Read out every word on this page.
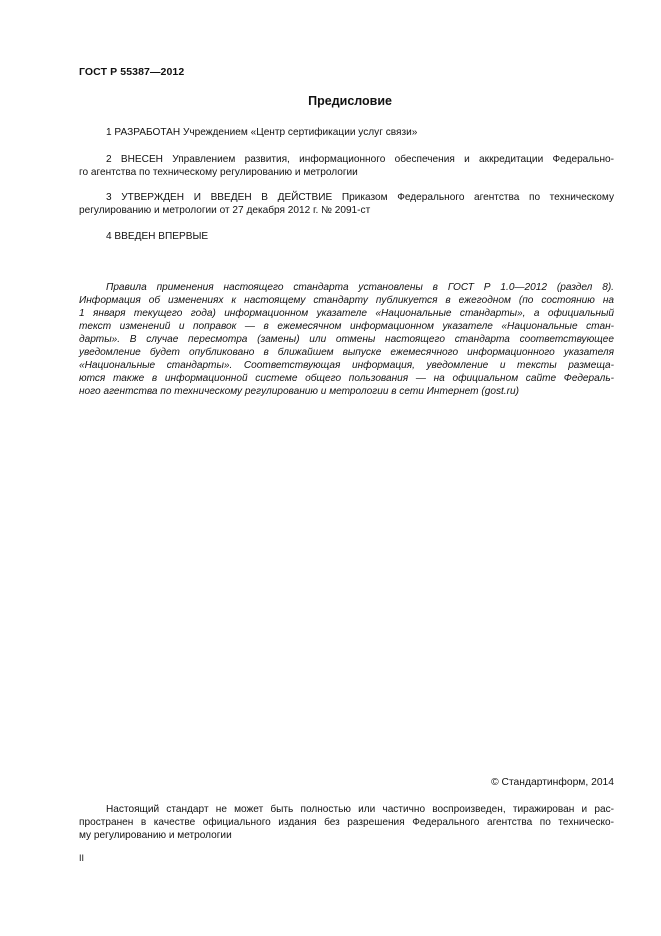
ГОСТ Р 55387—2012
Предисловие

1 РАЗРАБОТАН Учреждением «Центр сертификации услуг связи»

2 ВНЕСЕН Управлением развития, информационного обеспечения и аккредитации Федерально-
го агентства по техническому регулированию и метрологии

3 УТВЕРЖДЕН И ВВЕДЕН В ДЕЙСТВИЕ Приказом Федерального агентства по техническому
регулированию и метрологии от 27 декабря 2012 г. № 2091-ст

4 ВВЕДЕН ВПЕРВЫЕ

Правила применения настоящего стандарта установлены в ГОСТ Р 1.0—2012 (раздел 8).
Информация об изменениях к настоящему стандарту публикуется в ежегодном (по состоянию на
1 января текущего года) информационном указателе «Национальные стандарты», а официальный
текст изменений и поправок — в ежемесячном информационном указателе «Национальные стан-
дарты». В случае пересмотра (замены) или отмены настоящего стандарта соответствующее
уведомление будет опубликовано в ближайшем выпуске ежемесячного информационного указателя
«Национальные стандарты». Соответствующая информация, уведомление и тексты размеща-
ются также в информационной системе общего пользования — на официальном сайте Федераль-
ного агентства по техническому регулированию и метрологии в сети Интернет (gost.ru)

© Стандартинформ, 2014

Настоящий стандарт не может быть полностью или частично воспроизведен, тиражирован и рас-
пространен в качестве официального издания без разрешения Федерального агентства по техническо-
му регулированию и метрологии

II
